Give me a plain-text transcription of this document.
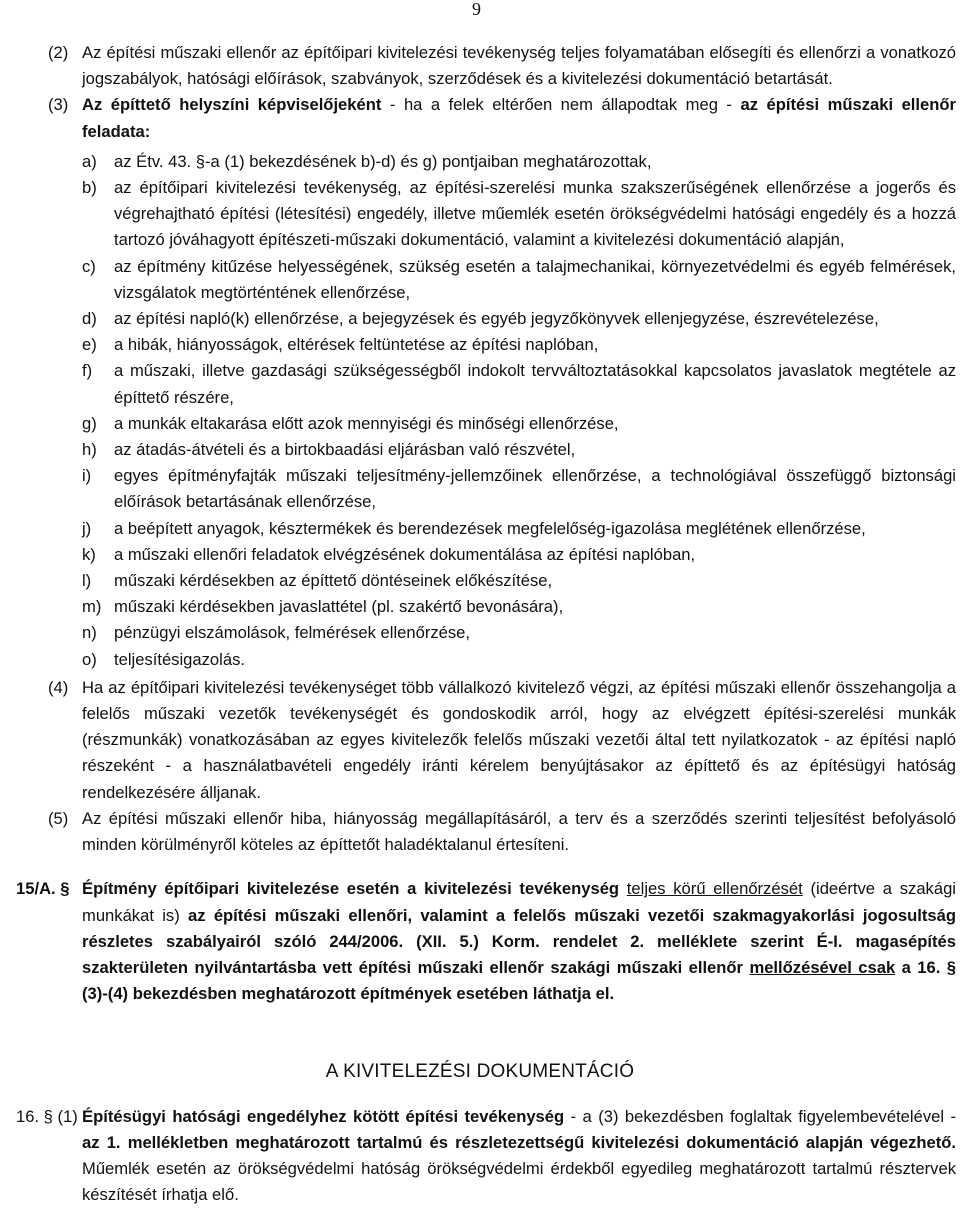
9

(2) Az építési műszaki ellenőr az építőipari kivitelezési tevékenység teljes folyamatában elősegíti és ellenőrzi a vonatkozó jogszabályok, hatósági előírások, szabványok, szerződések és a kivitelezési dokumentáció betartását.

(3) Az építtető helyszíni képviselőjeként - ha a felek eltérően nem állapodtak meg - az építési műszaki ellenőr feladata:

a) az Étv. 43. §-a (1) bekezdésének b)-d) és g) pontjaiban meghatározottak,
b) az építőipari kivitelezési tevékenység, az építési-szerelési munka szakszerűségének ellenőrzése a jogerős és végrehajtható építési (létesítési) engedély, illetve műemlék esetén örökségvédelmi hatósági engedély és a hozzá tartozó jóváhagyott építészeti-műszaki dokumentáció, valamint a kivitelezési dokumentáció alapján,
c) az építmény kitűzése helyességének, szükség esetén a talajmechanikai, környezetvédelmi és egyéb felmérések, vizsgálatok megtörténtének ellenőrzése,
d) az építési napló(k) ellenőrzése, a bejegyzések és egyéb jegyzőkönyvek ellenjegyzése, észrevételezése,
e) a hibák, hiányosságok, eltérések feltüntetése az építési naplóban,
f) a műszaki, illetve gazdasági szükségességből indokolt tervváltoztatásokkal kapcsolatos javaslatok megtétele az építtető részére,
g) a munkák eltakarása előtt azok mennyiségi és minőségi ellenőrzése,
h) az átadás-átvételi és a birtokbaadási eljárásban való részvétel,
i) egyes építményfajták műszaki teljesítmény-jellemzőinek ellenőrzése, a technológiával összefüggő biztonsági előírások betartásának ellenőrzése,
j) a beépített anyagok, késztermékek és berendezések megfelelőség-igazolása meglétének ellenőrzése,
k) a műszaki ellenőri feladatok elvégzésének dokumentálása az építési naplóban,
l) műszaki kérdésekben az építtető döntéseinek előkészítése,
m) műszaki kérdésekben javaslattétel (pl. szakértő bevonására),
n) pénzügyi elszámolások, felmérések ellenőrzése,
o) teljesítésigazolás.

(4) Ha az építőipari kivitelezési tevékenységet több vállalkozó kivitelező végzi, az építési műszaki ellenőr összehangolja a felelős műszaki vezetők tevékenységét és gondoskodik arról, hogy az elvégzett építési-szerelési munkák (részmunkák) vonatkozásában az egyes kivitelezők felelős műszaki vezetői által tett nyilatkozatok - az építési napló részeként - a használatbavételi engedély iránti kérelem benyújtásakor az építtető és az építésügyi hatóság rendelkezésére álljanak.

(5) Az építési műszaki ellenőr hiba, hiányosság megállapításáról, a terv és a szerződés szerinti teljesítést befolyásoló minden körülményről köteles az építtetőt haladéktalanul értesíteni.

15/A. § Építmény építőipari kivitelezése esetén a kivitelezési tevékenység teljes körű ellenőrzését (ideértve a szakági munkákat is) az építési műszaki ellenőri, valamint a felelős műszaki vezetői szakmagyakorlási jogosultság részletes szabályairól szóló 244/2006. (XII. 5.) Korm. rendelet 2. melléklete szerint É-I. magasépítés szakterületen nyilvántartásba vett építési műszaki ellenőr szakági műszaki ellenőr mellőzésével csak a 16. § (3)-(4) bekezdésben meghatározott építmények esetében láthatja el.

A KIVITELEZÉSI DOKUMENTÁCIÓ

16. § (1) Építésügyi hatósági engedélyhez kötött építési tevékenység - a (3) bekezdésben foglaltak figyelembevételével - az 1. mellékletben meghatározott tartalmú és részletezettségű kivitelezési dokumentáció alapján végezhető. Műemlék esetén az örökségvédelmi hatóság örökségvédelmi érdekből egyedileg meghatározott tartalmú résztervek készítését írhatja elő.
